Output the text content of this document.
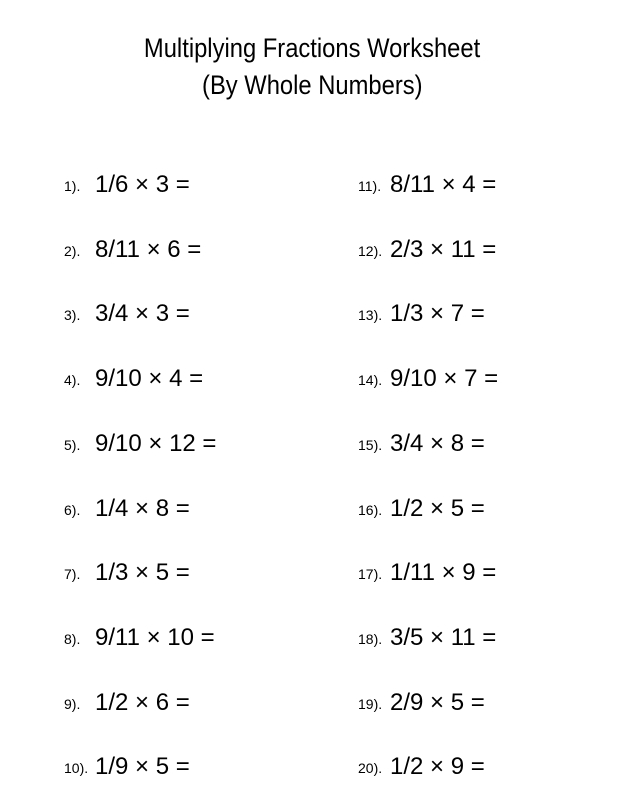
Multiplying Fractions Worksheet
(By Whole Numbers)
1). 1/6 × 3 =
2). 8/11 × 6 =
3). 3/4 × 3 =
4). 9/10 × 4 =
5). 9/10 × 12 =
6). 1/4 × 8 =
7). 1/3 × 5 =
8). 9/11 × 10 =
9). 1/2 × 6 =
10). 1/9 × 5 =
11). 8/11 × 4 =
12). 2/3 × 11 =
13). 1/3 × 7 =
14). 9/10 × 7 =
15). 3/4 × 8 =
16). 1/2 × 5 =
17). 1/11 × 9 =
18). 3/5 × 11 =
19). 2/9 × 5 =
20). 1/2 × 9 =
